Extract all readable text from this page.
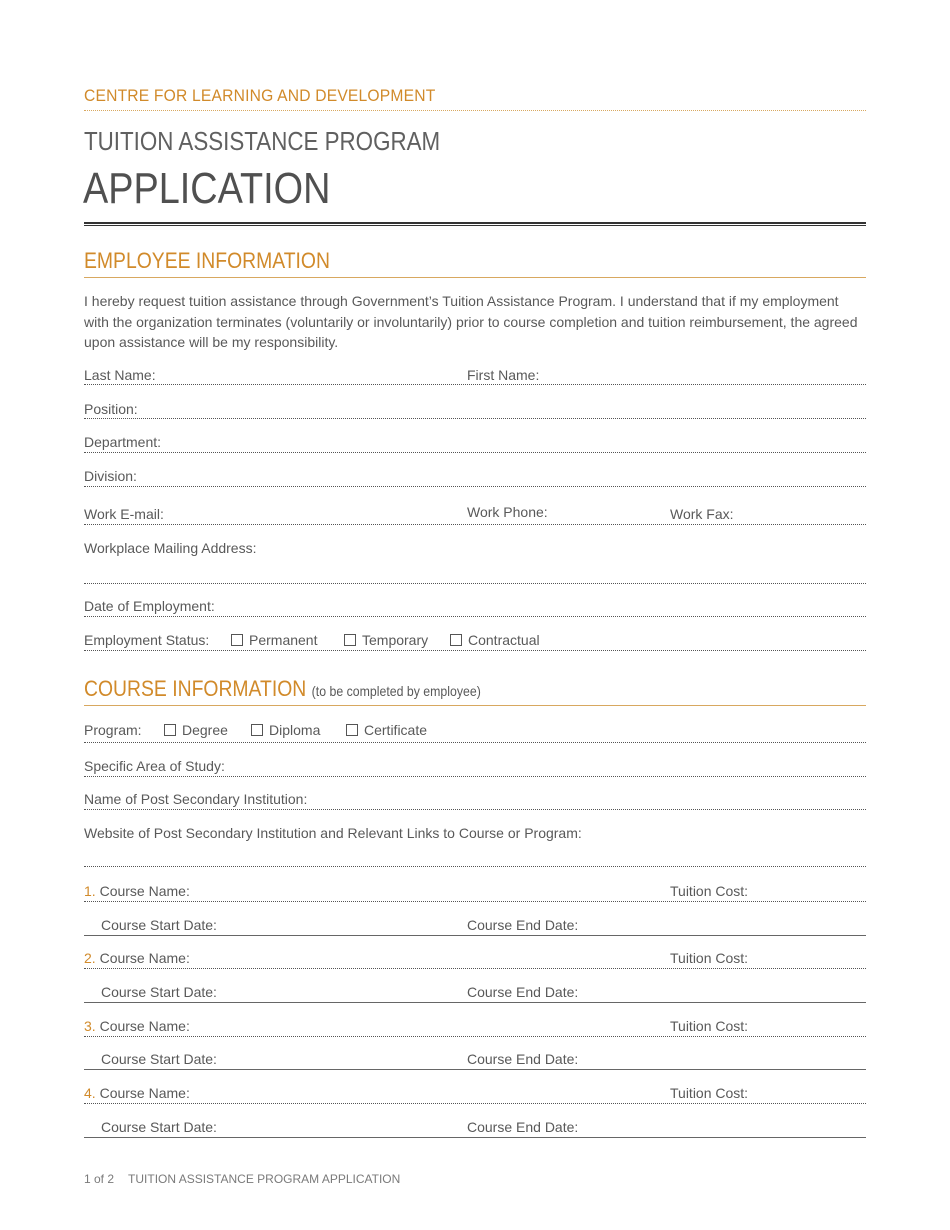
CENTRE FOR LEARNING AND DEVELOPMENT
TUITION ASSISTANCE PROGRAM
APPLICATION
EMPLOYEE INFORMATION
I hereby request tuition assistance through Government’s Tuition Assistance Program. I understand that if my employment with the organization terminates (voluntarily or involuntarily) prior to course completion and tuition reimbursement, the agreed upon assistance will be my responsibility.
Last Name:	First Name:
Position:
Department:
Division:
Work E-mail:	Work Phone:	Work Fax:
Workplace Mailing Address:
Date of Employment:
Employment Status:	Permanent	Temporary	Contractual
COURSE INFORMATION (to be completed by employee)
Program:	Degree	Diploma	Certificate
Specific Area of Study:
Name of Post Secondary Institution:
Website of Post Secondary Institution and Relevant Links to Course or Program:
1. Course Name:	Tuition Cost:
Course Start Date:	Course End Date:
2. Course Name:	Tuition Cost:
Course Start Date:	Course End Date:
3. Course Name:	Tuition Cost:
Course Start Date:	Course End Date:
4. Course Name:	Tuition Cost:
Course Start Date:	Course End Date:
1 of 2 TUITION ASSISTANCE PROGRAM APPLICATION
